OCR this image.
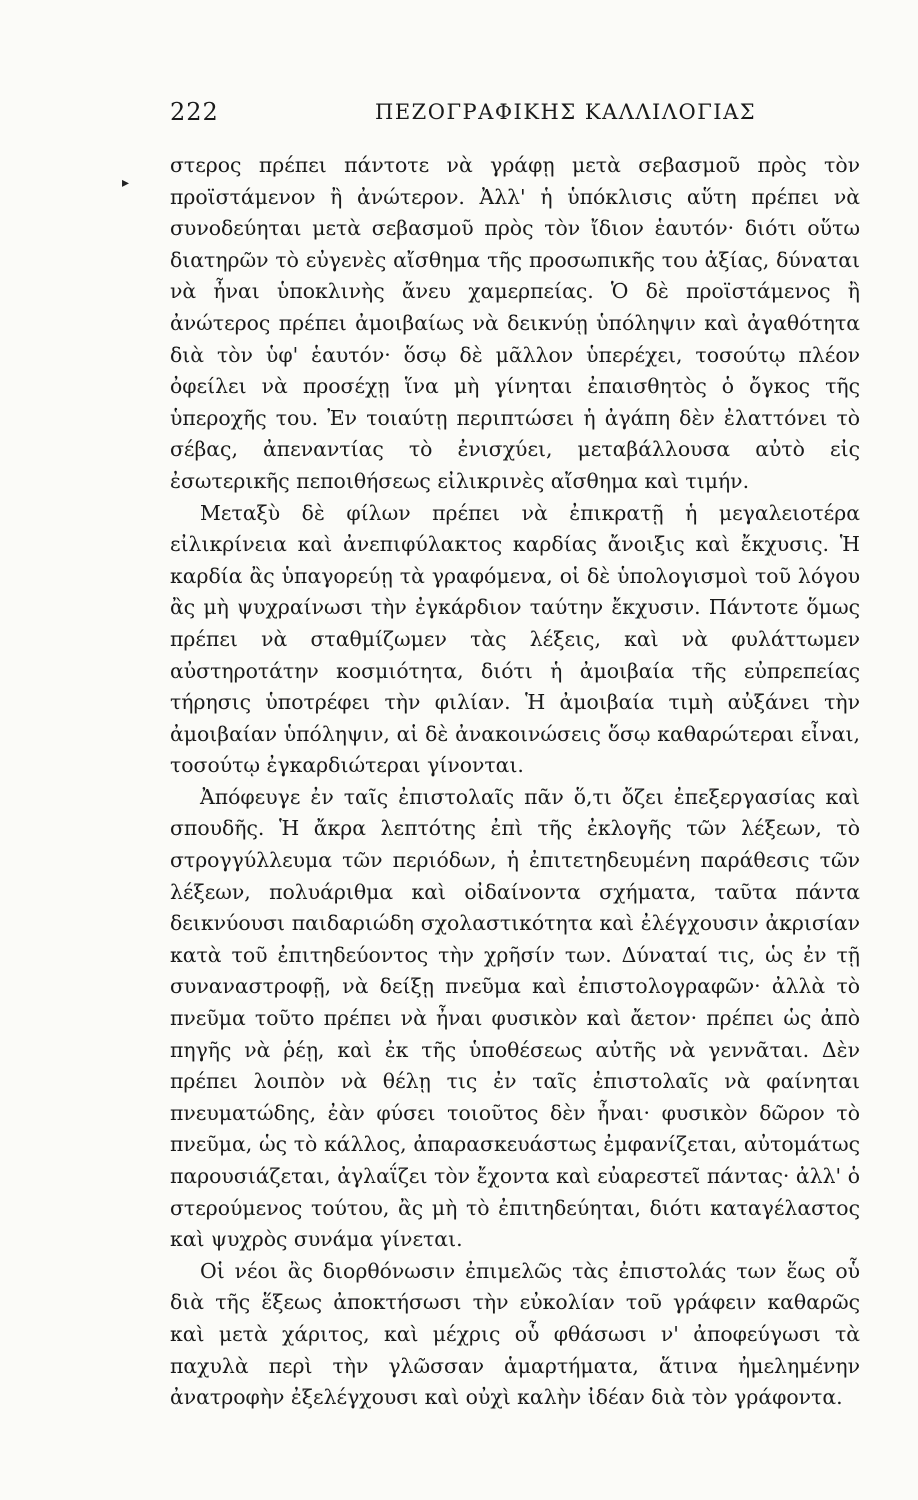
222	ΠΕΖΟΓΡΑΦΙΚΗΣ ΚΑΛΛΙΛΟΓΙΑΣ
▸

στερος πρέπει πάντοτε νὰ γράφῃ μετὰ σεβασμοῦ πρὸς τὸν προϊστάμενον ἢ ἀνώτερον. Ἀλλ' ἡ ὑπόκλισις αὕτη πρέπει νὰ συνοδεύηται μετὰ σεβασμοῦ πρὸς τὸν ἴδιον ἑαυτόν· διότι οὕτω διατηρῶν τὸ εὐγενὲς αἴσθημα τῆς προσωπικῆς του ἀξίας, δύναται νὰ ἦναι ὑποκλινὴς ἄνευ χαμερπείας. Ὁ δὲ προϊστάμενος ἢ ἀνώτερος πρέπει ἀμοιβαίως νὰ δεικνύῃ ὑπόληψιν καὶ ἀγαθότητα διὰ τὸν ὑφ' ἑαυτόν· ὅσῳ δὲ μᾶλλον ὑπερέχει, τοσούτῳ πλέον ὀφείλει νὰ προσέχῃ ἵνα μὴ γίνηται ἐπαισθητὸς ὁ ὄγκος τῆς ὑπεροχῆς του. Ἐν τοιαύτῃ περιπτώσει ἡ ἀγάπη δὲν ἐλαττόνει τὸ σέβας, ἀπεναντίας τὸ ἐνισχύει, μεταβάλλουσα αὐτὸ εἰς ἐσωτερικῆς πεποιθήσεως εἰλικρινὲς αἴσθημα καὶ τιμήν.

Μεταξὺ δὲ φίλων πρέπει νὰ ἐπικρατῇ ἡ μεγαλειοτέρα εἰλικρίνεια καὶ ἀνεπιφύλακτος καρδίας ἄνοιξις καὶ ἔκχυσις. Ἡ καρδία ἂς ὑπαγορεύῃ τὰ γραφόμενα, οἱ δὲ ὑπολογισμοὶ τοῦ λόγου ἂς μὴ ψυχραίνωσι τὴν ἐγκάρδιον ταύτην ἔκχυσιν. Πάντοτε ὅμως πρέπει νὰ σταθμίζωμεν τὰς λέξεις, καὶ νὰ φυλάττωμεν αὐστηροτάτην κοσμιότητα, διότι ἡ ἀμοιβαία τῆς εὐπρεπείας τήρησις ὑποτρέφει τὴν φιλίαν. Ἡ ἀμοιβαία τιμὴ αὐξάνει τὴν ἀμοιβαίαν ὑπόληψιν, αἱ δὲ ἀνακοινώσεις ὅσῳ καθαρώτεραι εἶναι, τοσούτῳ ἐγκαρδιώτεραι γίνονται.

Ἀπόφευγε ἐν ταῖς ἐπιστολαῖς πᾶν ὅ,τι ὄζει ἐπεξεργασίας καὶ σπουδῆς. Ἡ ἄκρα λεπτότης ἐπὶ τῆς ἐκλογῆς τῶν λέξεων, τὸ στρογγύλλευμα τῶν περιόδων, ἡ ἐπιτετηδευμένη παράθεσις τῶν λέξεων, πολυάριθμα καὶ οἰδαίνοντα σχήματα, ταῦτα πάντα δεικνύουσι παιδαριώδη σχολαστικότητα καὶ ἐλέγχουσιν ἀκρισίαν κατὰ τοῦ ἐπιτηδεύοντος τὴν χρῆσίν των. Δύναταί τις, ὡς ἐν τῇ συναναστροφῇ, νὰ δείξῃ πνεῦμα καὶ ἐπιστολογραφῶν· ἀλλὰ τὸ πνεῦμα τοῦτο πρέπει νὰ ἦναι φυσικὸν καὶ ἄετον· πρέπει ὡς ἀπὸ πηγῆς νὰ ῥέῃ, καὶ ἐκ τῆς ὑποθέσεως αὐτῆς νὰ γεννᾶται. Δὲν πρέπει λοιπὸν νὰ θέλῃ τις ἐν ταῖς ἐπιστολαῖς νὰ φαίνηται πνευματώδης, ἐὰν φύσει τοιοῦτος δὲν ἦναι· φυσικὸν δῶρον τὸ πνεῦμα, ὡς τὸ κάλλος, ἀπαρασκευάστως ἐμφανίζεται, αὐτομάτως παρουσιάζεται, ἀγλαΐζει τὸν ἔχοντα καὶ εὐαρεστεῖ πάντας· ἀλλ' ὁ στερούμενος τούτου, ἂς μὴ τὸ ἐπιτηδεύηται, διότι καταγέλαστος καὶ ψυχρὸς συνάμα γίνεται.

Οἱ νέοι ἂς διορθόνωσιν ἐπιμελῶς τὰς ἐπιστολάς των ἕως οὗ διὰ τῆς ἕξεως ἀποκτήσωσι τὴν εὐκολίαν τοῦ γράφειν καθαρῶς καὶ μετὰ χάριτος, καὶ μέχρις οὗ φθάσωσι ν' ἀποφεύγωσι τὰ παχυλὰ περὶ τὴν γλῶσσαν ἁμαρτήματα, ἅτινα ἠμελημένην ἀνατροφὴν ἐξελέγχουσι καὶ οὐχὶ καλὴν ἰδέαν διὰ τὸν γράφοντα.
